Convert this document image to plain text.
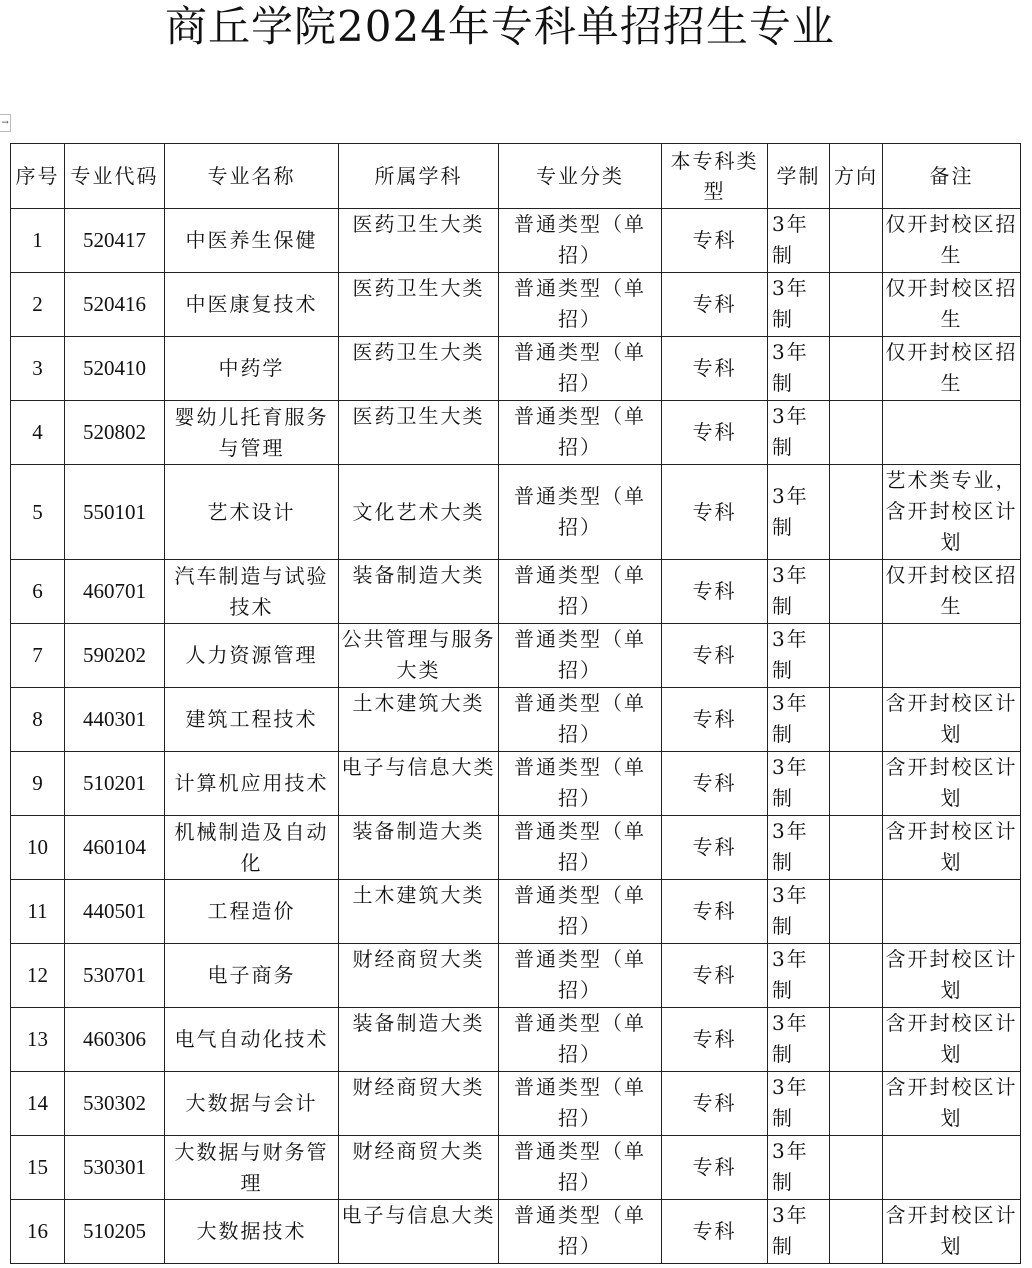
商丘学院2024年专科单招招生专业
→
序号	专业代码	专业名称	所属学科	专业分类	本专科类型	学制	方向	备注
1	520417	中医养生保健	医药卫生大类	普通类型（单招）	专科	3年制		仅开封校区招生
2	520416	中医康复技术	医药卫生大类	普通类型（单招）	专科	3年制		仅开封校区招生
3	520410	中药学	医药卫生大类	普通类型（单招）	专科	3年制		仅开封校区招生
4	520802	婴幼儿托育服务与管理	医药卫生大类	普通类型（单招）	专科	3年制		
5	550101	艺术设计	文化艺术大类	普通类型（单招）	专科	3年制		艺术类专业，含开封校区计划
6	460701	汽车制造与试验技术	装备制造大类	普通类型（单招）	专科	3年制		仅开封校区招生
7	590202	人力资源管理	公共管理与服务大类	普通类型（单招）	专科	3年制		
8	440301	建筑工程技术	土木建筑大类	普通类型（单招）	专科	3年制		含开封校区计划
9	510201	计算机应用技术	电子与信息大类	普通类型（单招）	专科	3年制		含开封校区计划
10	460104	机械制造及自动化	装备制造大类	普通类型（单招）	专科	3年制		含开封校区计划
11	440501	工程造价	土木建筑大类	普通类型（单招）	专科	3年制		
12	530701	电子商务	财经商贸大类	普通类型（单招）	专科	3年制		含开封校区计划
13	460306	电气自动化技术	装备制造大类	普通类型（单招）	专科	3年制		含开封校区计划
14	530302	大数据与会计	财经商贸大类	普通类型（单招）	专科	3年制		含开封校区计划
15	530301	大数据与财务管理	财经商贸大类	普通类型（单招）	专科	3年制		
16	510205	大数据技术	电子与信息大类	普通类型（单招）	专科	3年制		含开封校区计划
